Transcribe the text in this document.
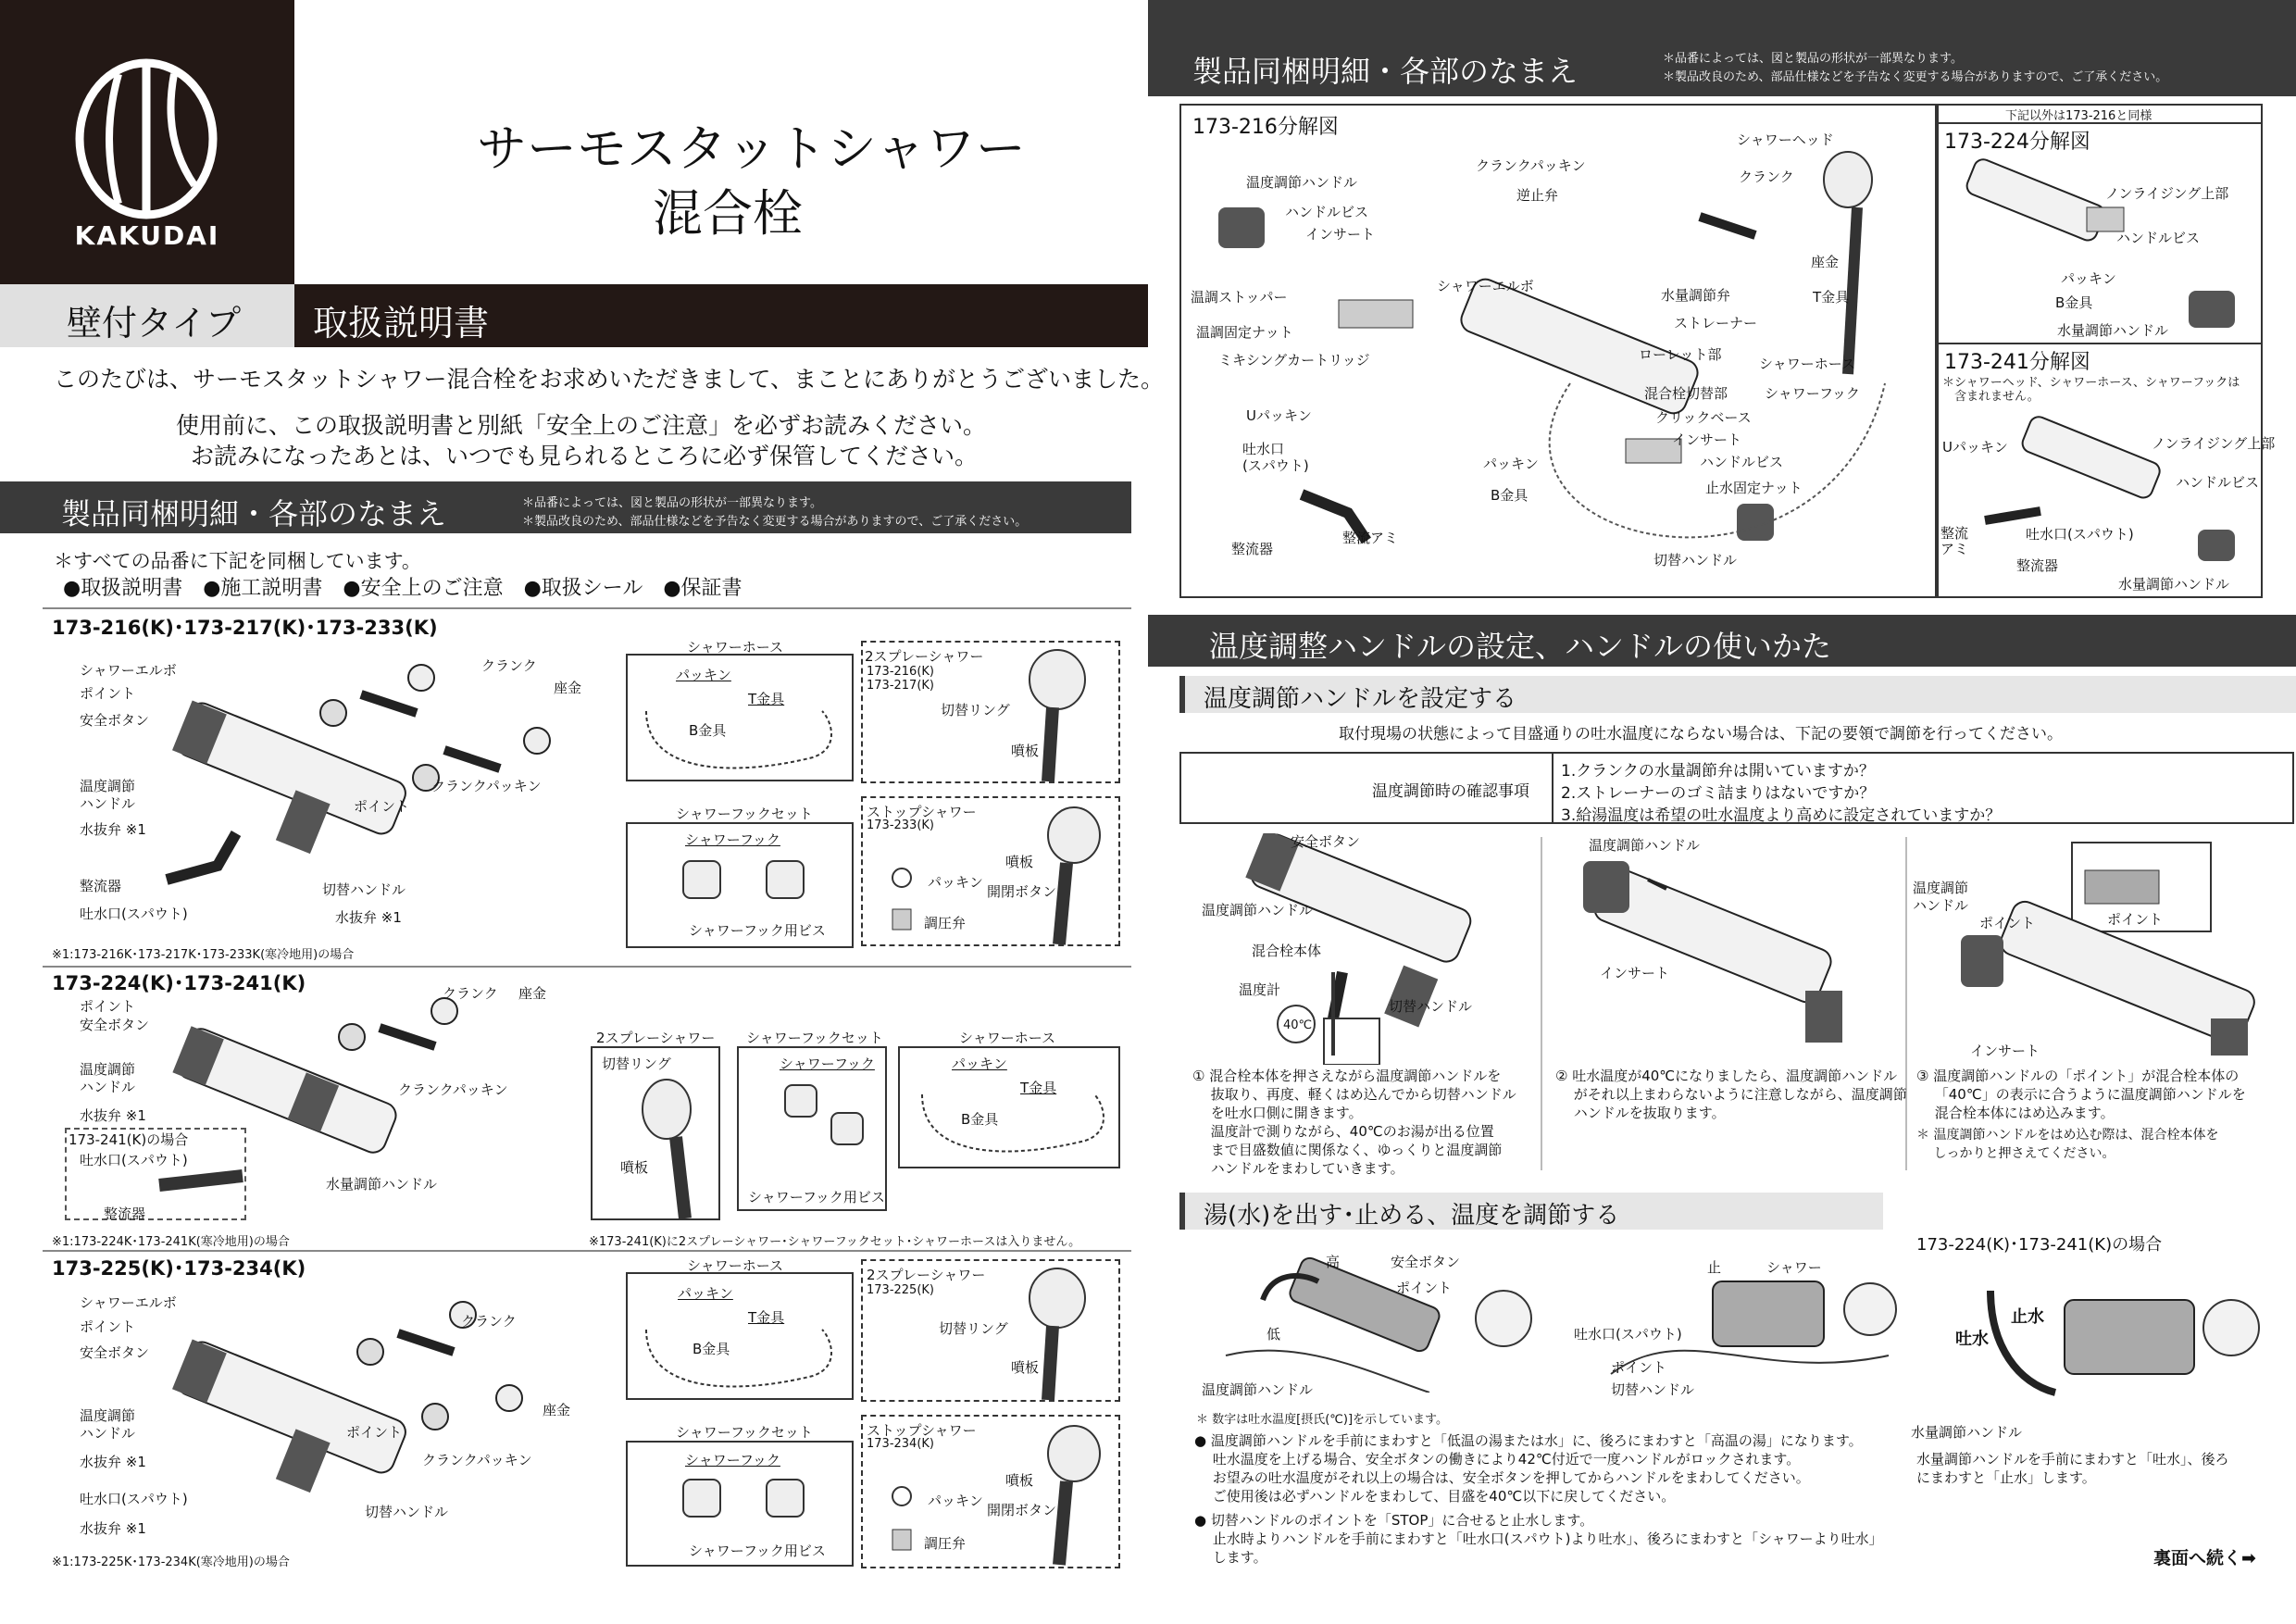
KAKUDAI
サーモスタットシャワー
混合栓
壁付タイプ 取扱説明書
このたびは、サーモスタットシャワー混合栓をお求めいただきまして、まことにありがとうございました。
使用前に、この取扱説明書と別紙「安全上のご注意」を必ずお読みください。
お読みになったあとは、いつでも見られるところに必ず保管してください。
製品同梱明細・各部のなまえ	＊品番によっては、図と製品の形状が一部異なります。
＊製品改良のため、部品仕様などを予告なく変更する場合がありますので、ご了承ください。
＊すべての品番に下記を同梱しています。
●取扱説明書　●施工説明書　●安全上のご注意　●取扱シール　●保証書
173-216(K)･173-217(K)･173-233(K)
シャワーエルボ
ポイント
安全ボタン
温度調節
ハンドル
水抜弁 ※1
整流器
吐水口(スパウト)
クランク
座金
クランクパッキン
ポイント
切替ハンドル
水抜弁 ※1
※1:173-216K･173-217K･173-233K(寒冷地用)の場合
シャワーホース
パッキン
T金具
B金具
2スプレーシャワー
173-216(K)
173-217(K)
切替リング
噴板
シャワーフックセット
シャワーフック
シャワーフック用ビス
ストップシャワー
173-233(K)
噴板
開閉ボタン
パッキン
調圧弁
173-224(K)･173-241(K)
ポイント
安全ボタン
温度調節
ハンドル
水抜弁 ※1
クランク 座金
クランクパッキン
水量調節ハンドル
173-241(K)の場合
吐水口(スパウト)
整流器
※1:173-224K･173-241K(寒冷地用)の場合	※173-241(K)に2スプレーシャワー･シャワーフックセット･シャワーホースは入りません。
2スプレーシャワー
切替リング
噴板
シャワーフックセット
シャワーフック
シャワーフック用ビス
シャワーホース
パッキン
T金具
B金具
173-225(K)･173-234(K)
シャワーエルボ
ポイント
安全ボタン
温度調節
ハンドル
水抜弁 ※1
吐水口(スパウト)
水抜弁 ※1
クランク
座金
ポイント
クランクパッキン
切替ハンドル
※1:173-225K･173-234K(寒冷地用)の場合
シャワーホース
パッキン
T金具
B金具
2スプレーシャワー
173-225(K)
切替リング
噴板
シャワーフックセット
シャワーフック
シャワーフック用ビス
ストップシャワー
173-234(K)
噴板
開閉ボタン
パッキン
調圧弁
製品同梱明細・各部のなまえ	＊品番によっては、図と製品の形状が一部異なります。
＊製品改良のため、部品仕様などを予告なく変更する場合がありますので、ご了承ください。
173-216分解図
温度調節ハンドル
ハンドルビス
インサート
温調ストッパー
温調固定ナット
ミキシングカートリッジ
Uパッキン
吐水口
(スパウト)
整流器
整流アミ
クランクパッキン
逆止弁
シャワーエルボ
クランク
シャワーヘッド
座金
水量調節弁
ストレーナー
ローレット部
T金具
シャワーホース
混合栓切替部	シャワーフック
クリックベース
インサート
ハンドルビス
止水固定ナット
パッキン
B金具
切替ハンドル
下記以外は173-216と同様
173-224分解図
ノンライジング上部
ハンドルビス
パッキン
B金具
水量調節ハンドル
173-241分解図
＊シャワーヘッド、シャワーホース、シャワーフックは
　含まれません。
Uパッキン	ノンライジング上部
ハンドルビス
整流
アミ
吐水口(スパウト)
整流器
水量調節ハンドル
温度調整ハンドルの設定、ハンドルの使いかた
温度調節ハンドルを設定する
取付現場の状態によって目盛通りの吐水温度にならない場合は、下記の要領で調節を行ってください。
温度調節時の確認事項
1.クランクの水量調節弁は開いていますか？
2.ストレーナーのゴミ詰まりはないですか？
3.給湯温度は希望の吐水温度より高めに設定されていますか？
安全ボタン
温度調節ハンドル
混合栓本体
温度計
40℃
切替ハンドル
① 混合栓本体を押さえながら温度調節ハンドルを
　 抜取り、再度、軽くはめ込んでから切替ハンドル
　 を吐水口側に開きます。
　 温度計で測りながら、40℃のお湯が出る位置
　 まで目盛数値に関係なく、ゆっくりと温度調節
　 ハンドルをまわしていきます。
温度調節ハンドル
インサート
② 吐水温度が40℃になりましたら、温度調節ハンドル
　 がそれ以上まわらないように注意しながら、温度調節
　 ハンドルを抜取ります。
温度調節
ハンドル
ポイント	ポイント
インサート
③ 温度調節ハンドルの「ポイント」が混合栓本体の
　 「40℃」の表示に合うように温度調節ハンドルを
　 混合栓本体にはめ込みます。
＊ 温度調節ハンドルをはめ込む際は、混合栓本体を
　 しっかりと押さえてください。
湯(水)を出す･止める、温度を調節する
高
低
安全ボタン
ポイント
温度調節ハンドル
止	シャワー
吐水口(スパウト)
ポイント
切替ハンドル
173-224(K)･173-241(K)の場合
止水
吐水
水量調節ハンドル
水量調節ハンドルを手前にまわすと「吐水」、後ろ
にまわすと「止水」します。
＊ 数字は吐水温度[摂氏(℃)]を示しています。
● 温度調節ハンドルを手前にまわすと「低温の湯または水」に、後ろにまわすと「高温の湯」になります。
　 吐水温度を上げる場合、安全ボタンの働きにより42℃付近で一度ハンドルがロックされます。
　 お望みの吐水温度がそれ以上の場合は、安全ボタンを押してからハンドルをまわしてください。
　 ご使用後は必ずハンドルをまわして、目盛を40℃以下に戻してください。
● 切替ハンドルのポイントを「STOP」に合せると止水します。
　 止水時よりハンドルを手前にまわすと「吐水口(スパウト)より吐水」、後ろにまわすと「シャワーより吐水」
　 します。	裏面へ続く➡
